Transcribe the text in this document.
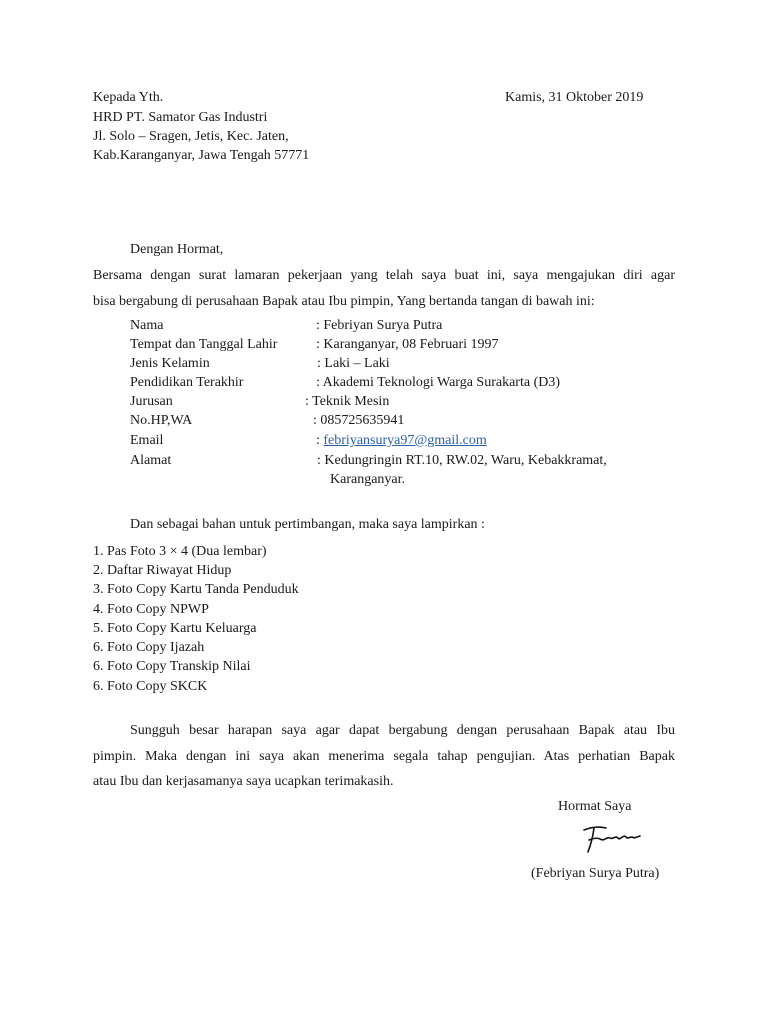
Kepada Yth.	Kamis, 31 Oktober 2019
HRD PT. Samator Gas Industri
Jl. Solo – Sragen, Jetis, Kec. Jaten,
Kab.Karanganyar, Jawa Tengah 57771
Dengan Hormat,
Bersama dengan surat lamaran pekerjaan yang telah saya buat ini, saya mengajukan diri agar
bisa bergabung di perusahaan Bapak atau Ibu pimpin, Yang bertanda tangan di bawah ini:
Nama	: Febriyan Surya Putra
Tempat dan Tanggal Lahir	: Karanganyar, 08 Februari 1997
Jenis Kelamin	: Laki – Laki
Pendidikan Terakhir	: Akademi Teknologi Warga Surakarta (D3)
Jurusan	: Teknik Mesin
No.HP,WA	: 085725635941
Email	: febriyansurya97@gmail.com
Alamat	: Kedungringin RT.10, RW.02, Waru, Kebakkramat,
Karanganyar.
Dan sebagai bahan untuk pertimbangan, maka saya lampirkan :
1. Pas Foto 3 × 4 (Dua lembar)
2. Daftar Riwayat Hidup
3. Foto Copy Kartu Tanda Penduduk
4. Foto Copy NPWP
5. Foto Copy Kartu Keluarga
6. Foto Copy Ijazah
6. Foto Copy Transkip Nilai
6. Foto Copy SKCK
Sungguh besar harapan saya agar dapat bergabung dengan perusahaan Bapak atau Ibu
pimpin. Maka dengan ini saya akan menerima segala tahap pengujian. Atas perhatian Bapak
atau Ibu dan kerjasamanya saya ucapkan terimakasih.
Hormat Saya
(Febriyan Surya Putra)
